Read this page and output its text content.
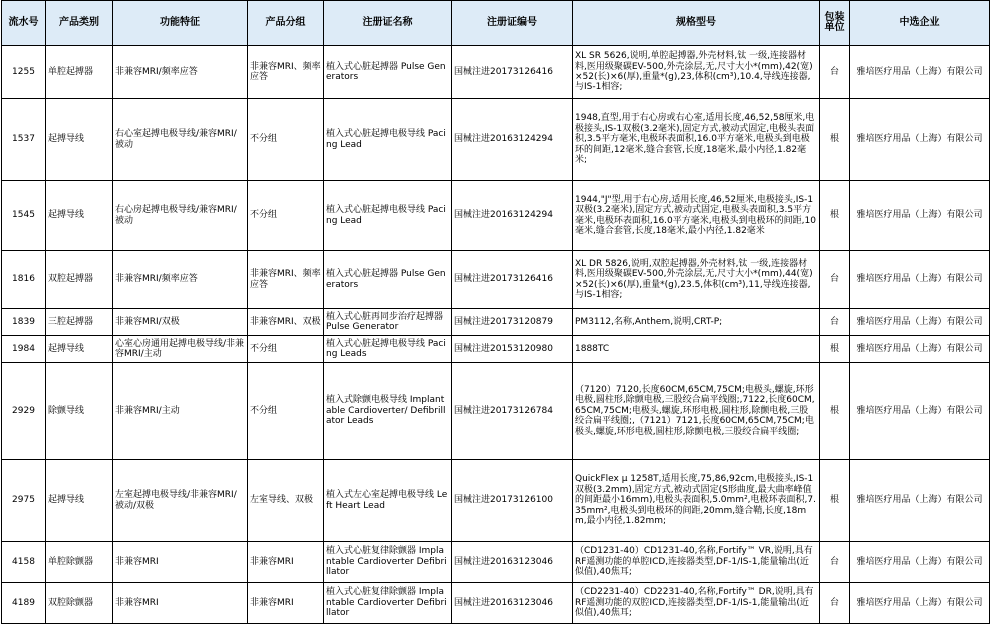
流水号	产品类别	功能特征	产品分组	注册证名称	注册证编号	规格型号	包装单位	中选企业
1255	单腔起搏器	非兼容MRI/频率应答	非兼容MRI、频率应答	植入式心脏起搏器 Pulse Generators	国械注进20173126416	XL SR 5626,说明,单腔起搏器,外壳材料,钛 一级,连接器材料,医用级聚碳EV-500,外壳涂层,无,尺寸大小*(mm),42(宽)×52(长)×6(厚),重量*(g),23,体积(cm³),10.4,导线连接器,与IS-1相容;	台	雅培医疗用品（上海）有限公司
1537	起搏导线	右心室起搏电极导线/兼容MRI/被动	不分组	植入式心脏起搏电极导线 Pacing Lead	国械注进20163124294	1948,直型,用于右心房或右心室,适用长度,46,52,58厘米,电极接头,IS-1双极(3.2毫米),固定方式,被动式固定,电极头表面积,3.5平方毫米,电极环表面积,16.0平方毫米,电极头到电极环的间距,12毫米,缝合套管,长度,18毫米,最小内径,1.82毫米;	根	雅培医疗用品（上海）有限公司
1545	起搏导线	右心房起搏电极导线/兼容MRI/被动	不分组	植入式心脏起搏电极导线 Pacing Lead	国械注进20163124294	1944,"J"型,用于右心房,适用长度,46,52厘米,电极接头,IS-1双极(3.2毫米),固定方式,被动式固定,电极头表面积,3.5平方毫米,电极环表面积,16.0平方毫米,电极头到电极环的间距,10毫米,缝合套管,长度,18毫米,最小内径,1.82毫米	根	雅培医疗用品（上海）有限公司
1816	双腔起搏器	非兼容MRI/频率应答	非兼容MRI、频率应答	植入式心脏起搏器 Pulse Generators	国械注进20173126416	XL DR 5826,说明,双腔起搏器,外壳材料,钛 一级,连接器材料,医用级聚碳EV-500,外壳涂层,无,尺寸大小*(mm),44(宽)×52(长)×6(厚),重量*(g),23.5,体积(cm³),11,导线连接器,与IS-1相容;	台	雅培医疗用品（上海）有限公司
1839	三腔起搏器	非兼容MRI/双极	非兼容MRI、双极	植入式心脏再同步治疗起搏器 Pulse Generator	国械注进20173120879	PM3112,名称,Anthem,说明,CRT-P;	台	雅培医疗用品（上海）有限公司
1984	起搏导线	心室心房通用起搏电极导线/非兼容MRI/主动	不分组	植入式心脏起搏电极导线 Pacing Leads	国械注进20153120980	1888TC	根	雅培医疗用品（上海）有限公司
2929	除颤导线	非兼容MRI/主动	不分组	植入式除颤电极导线 Implantable Cardioverter/ Defibrillator Leads	国械注进20173126784	（7120）7120,长度60CM,65CM,75CM;电极头,螺旋,环形电极,圆柱形,除颤电极,三股绞合扁平线圈;,7122,长度60CM,65CM,75CM;电极头,螺旋,环形电极,圆柱形,除颤电极,三股绞合扁平线圈;,（7121）7121,长度60CM,65CM,75CM;电极头,螺旋,环形电极,圆柱形,除颤电极,三股绞合扁平线圈;	根	雅培医疗用品（上海）有限公司
2975	起搏导线	左室起搏电极导线/非兼容MRI/被动/双极	左室导线、双极	植入式左心室起搏电极导线 Left Heart Lead	国械注进20173126100	QuickFlex μ 1258T,适用长度,75,86,92cm,电极接头,IS-1双极(3.2mm),固定方式,被动式固定(S形曲度,最大曲率峰值的间距最小16mm),电极头表面积,5.0mm²,电极环表面积,7.35mm²,电极头到电极环的间距,20mm,缝合鞘,长度,18mm,最小内径,1.82mm;	根	雅培医疗用品（上海）有限公司
4158	单腔除颤器	非兼容MRI	非兼容MRI	植入式心脏复律除颤器 Implantable Cardioverter Defibrillator	国械注进20163123046	（CD1231-40）CD1231-40,名称,Fortify™ VR,说明,具有RF遥测功能的单腔ICD,连接器类型,DF-1/IS-1,能量输出(近似值),40焦耳;	台	雅培医疗用品（上海）有限公司
4189	双腔除颤器	非兼容MRI	非兼容MRI	植入式心脏复律除颤器 Implantable Cardioverter Defibrillator	国械注进20163123046	（CD2231-40）CD2231-40,名称,Fortify™ DR,说明,具有RF遥测功能的双腔ICD,连接器类型,DF-1/IS-1,能量输出(近似值),40焦耳;	台	雅培医疗用品（上海）有限公司
